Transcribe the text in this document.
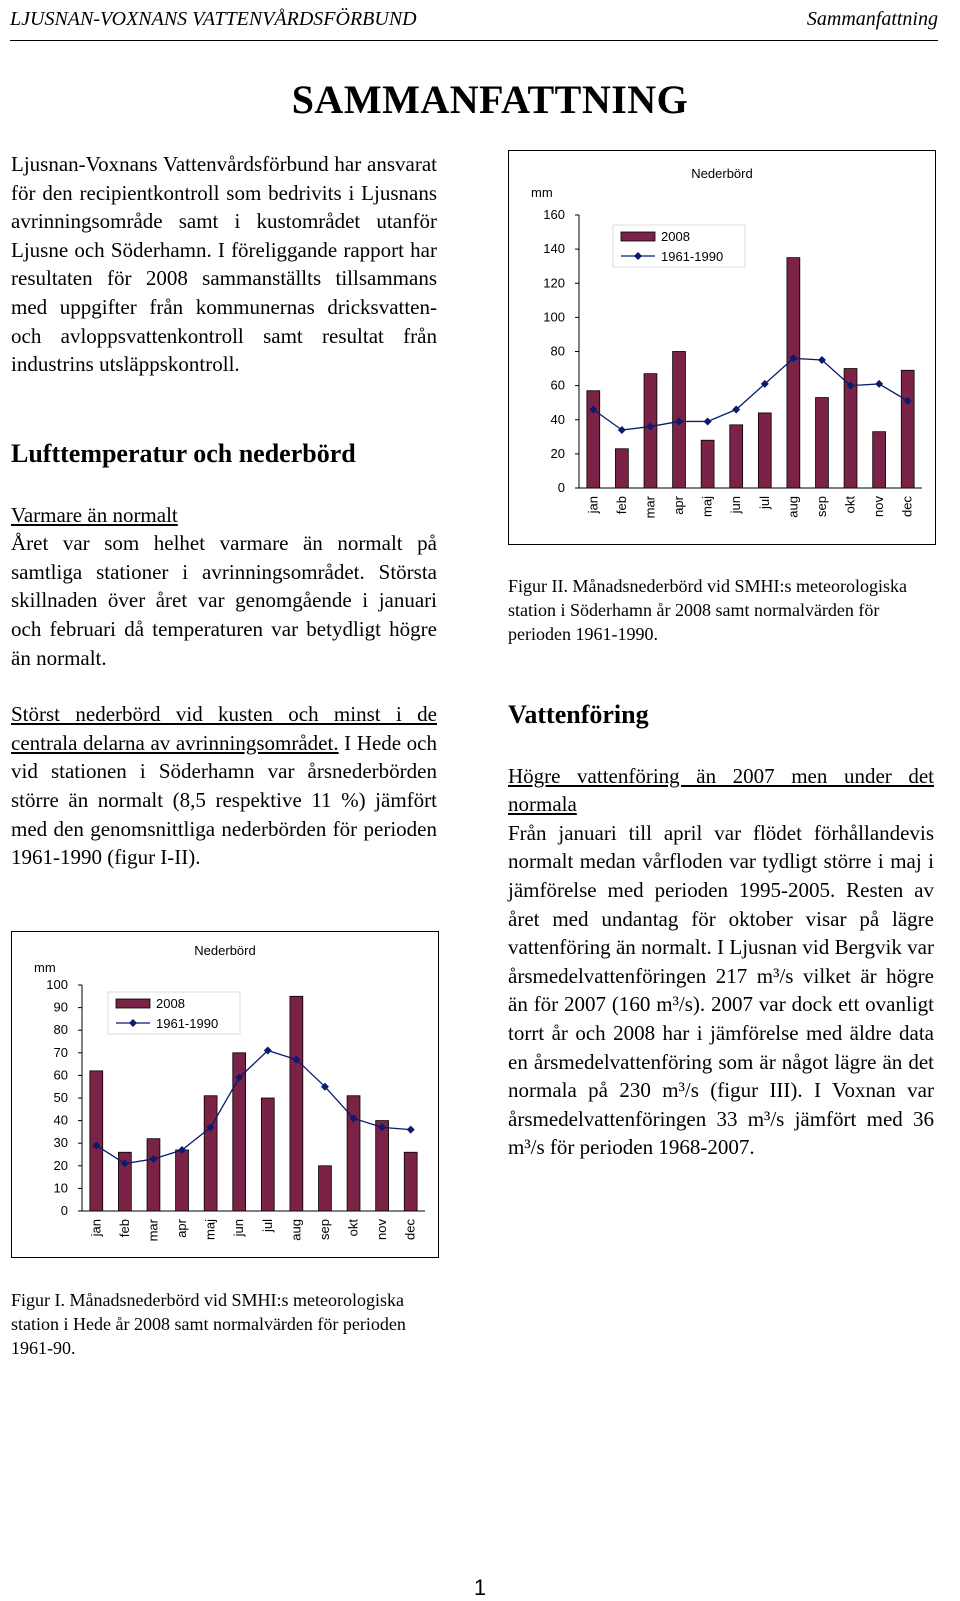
LJUSNAN-VOXNANS VATTENVÅRDSFÖRBUND	Sammanfattning
SAMMANFATTNING

Ljusnan-Voxnans Vattenvårdsförbund har ansvarat för den recipientkontroll som bedrivits i Ljusnans avrinningsområde samt i kustområdet utanför Ljusne och Söderhamn. I föreliggande rapport har resultaten för 2008 sammanställts tillsammans med uppgifter från kommunernas dricksvatten- och avloppsvattenkontroll samt resultat från industrins utsläppskontroll.

Lufttemperatur och nederbörd

Varmare än normalt

Året var som helhet varmare än normalt på samtliga stationer i avrinningsområdet. Största skillnaden över året var genomgående i januari och februari då temperaturen var betydligt högre än normalt.

Störst nederbörd vid kusten och minst i de centrala delarna av avrinningsområdet. I Hede och vid stationen i Söderhamn var årsnederbörden större än normalt (8,5 respektive 11 %) jämfört med den genomsnittliga nederbörden för perioden 1961-1990 (figur I-II).

0
10
20
30
40
50
60
70
80
90
100
mm
Nederbörd
jan feb mar apr maj jun jul aug sep okt nov dec
2008
1961-1990
Figur I. Månadsnederbörd vid SMHI:s meteorologiska station i Hede år 2008 samt normalvärden för perioden 1961-90.
0
20
40
60
80
100
120
140
160
mm
Nederbörd
jan feb mar apr maj jun jul aug sep okt nov dec
2008
1961-1990
Figur II. Månadsnederbörd vid SMHI:s meteorologiska station i Söderhamn år 2008 samt normalvärden för perioden 1961-1990.

Vattenföring

Högre vattenföring än 2007 men under det normala

Från januari till april var flödet förhållandevis normalt medan vårfloden var tydligt större i maj i jämförelse med perioden 1995-2005. Resten av året med undantag för oktober visar på lägre vattenföring än normalt. I Ljusnan vid Bergvik var årsmedelvattenföringen 217 m³/s vilket är högre än för 2007 (160 m³/s). 2007 var dock ett ovanligt torrt år och 2008 har i jämförelse med äldre data en årsmedelvattenföring som är något lägre än det normala på 230 m³/s (figur III). I Voxnan var årsmedelvattenföringen 33 m³/s jämfört med 36 m³/s för perioden 1968-2007.

1
